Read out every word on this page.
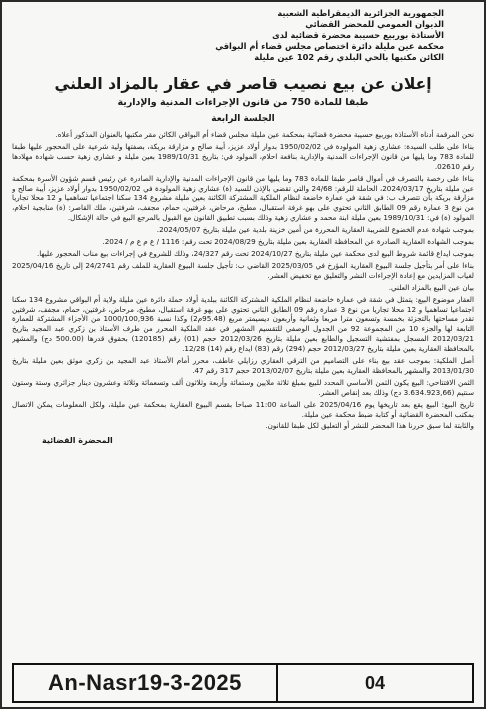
الجمهورية الجزائرية الديمقراطية الشعبية
الديوان العمومي للمحضر القضائي
الأستاذة بوربيع حسيبة محضرة قضائية لدى
محكمة عين مليلة دائرة اختصاص مجلس قضاء أم البواقي
الكائن مكتبها بالحي البلدي رقم 102 عين مليلة
إعلان عن بيع نصيب قاصر في عقار بالمزاد العلني
طبقا للمادة 750 من قانون الإجراءات المدنية والإدارية
الجلسة الرابعة

نحن المرقمة أدناه الأستاذة بوربيع حسيبة محضرة قضائية بمحكمة عين مليلة مجلس قضاء أم البواقي الكائن مقر مكتبها بالعنوان المذكور أعلاه.

بناءا على طلب السيدة: عشاري زهية المولودة في 1950/02/02 بدوار أولاد عزيز، أيبة صالح و مزارقة بريكة، بصفتها ولية شرعية على المحجور عليها طبقا للمادة 783 وما يليها من قانون الإجراءات المدنية والإدارية بنافعة احلام، المولود في: بتاريخ 1989/10/31 بعين مليلة و عشاري زهية حسب شهادة مهلادها رقم 02610.

بناءا على رخصة بالتصرف في أموال قاصر طبقا للمادة 783 وما يليها من قانون الإجراءات المدنية والإدارية الصادرة عن رئيس قسم شؤون الأسرة بمحكمة عين مليلة بتاريخ 2024/03/17، الحاملة للرقم: 24/68 والتي تقضي بالإذن للسيد (ة) عشاري زهية المولودة في 1950/02/02 بدوار أولاد عزيز، أيبة صالح و مزارقة بريكة بأن تتصرف ب: في شقة في عمارة خاضعة لنظام الملكية المشتركة الكائنة بعين مليلة مشروع 134 سكنا اجتماعيا تساهميا و 12 محلا تجاريا من نوع 3 عمارة رقم 09 الطابق الثاني تحتوي على بهو غرفة استقبال، مطبخ، مرحاض، غرفتين، حمام، مجفف، شرفتين، ملك القاصر: (ة) منابجية احلام، المولود (ة) في: 1989/10/31 بعين مليلة ابنة محمد و عشاري زهية وذلك بسبب تطبيق القانون مع القبول بالمرجع البيع في حالة الإشكال.

بموجب شهادة عدم الخضوع للضريبة العقارية المحررة من أمين خزينة بلدية عين مليلة بتاريخ 2024/05/07.

بموجب الشهادة العقارية الصادرة عن المحافظة العقارية بعين مليلة بتاريخ 2024/08/29 تحت رقم: 1116 / ع م ع م / 2024.

بموجب ايداع قائمة شروط البيع لدى محكمة عين مليلة بتاريخ 2024/10/27 تحت رقم 24/327، وذلك للشروع في إجراءات بيع مناب المحجور عليها.

بناءا على أمر بتأجيل جلسة البيوع العقارية المؤرخ في 2025/03/05 القاضي ب: تأجيل جلسة البيوع العقارية للملف رقم 24/2741 إلى تاريخ 2025/04/16 لغياب المزايدين مع إعادة الإجراءات النشر والتعليق مع تخفيض العشر.

بيان عين البيع بالمزاد العلني.

العقار موضوع البيع: يتمثل في شقة في عمارة خاضعة لنظام الملكية المشتركة الكائنة ببلدية أولاد حملة دائرة عين مليلة ولاية أم البواقي مشروع 134 سكنا اجتماعيا تساهميا و 12 محلا تجاريا من نوع 3 عمارة رقم 09 الطابق الثاني تحتوي على بهو غرفة استقبال، مطبخ، مرحاض، غرفتين، حمام، مجفف، شرفتين تقدر مساحتها بالتجزئة بخمسة وتسعون مترا مربعا وثمانية وأربعون ديسيمتر مربع (95.48م2) وكذا نسبة 1000/100,936 من الأجزاء المشتركة للعمارة التابعة لها والجزء 10 من المجموعة 92 من الجدول الوصفي للتقسيم المشهر في عقد الملكية المحرر من طرف الأستاذ بن زكري عبد المجيد بتاريخ 2012/03/21 المسجل بمفتشية التسجيل والطابع بعين مليلة بتاريخ 2012/03/26 حجم (01) رقم (120185) بحقوق قدرها (500.00 دج) والمشهر بالمحافظة العقارية بعين مليلة بتاريخ 2012/03/27 حجم (294) رقم (83) ايداع رقم (14) 12/28.

أصل الملكية: بموجب عقد بيع بناء على التصاميم من الترقي العقاري رزايلي عاطف، محرر أمام الأستاذ عبد المجيد بن زكري موثق بعين مليلة بتاريخ 2013/01/30 والمشهر بالمحافظة العقارية بعين مليلة بتاريخ 2013/02/07 حجم 317 رقم 47.

الثمن الافتتاحي: البيع يكون الثمن الأساسي المحدد للبيع بمبلغ ثلاثة ملايين وستمائة وأربعة وثلاثون ألف وتسعمائة وثلاثة وعشرون دينار جزائري وستة وستون سنتيم (3.634.923,66 دج) وذلك بعد إنقاص العشر.

تاريخ البيع: البيع يقع بعد تاريخها يوم 2025/04/16 على الساعة 11:00 صباحا بقسم البيوع العقارية بمحكمة عين مليلة، ولكل المعلومات يمكن الاتصال بمكتب المحضرة القضائية أو كتابة ضبط محكمة عين مليلة.

والثابتة لما سبق حررنا هذا المحضر للنشر أو التعليق لكل طبقا للقانون.

المحضرة القضائية
An-Nasr19-3-2025	04
